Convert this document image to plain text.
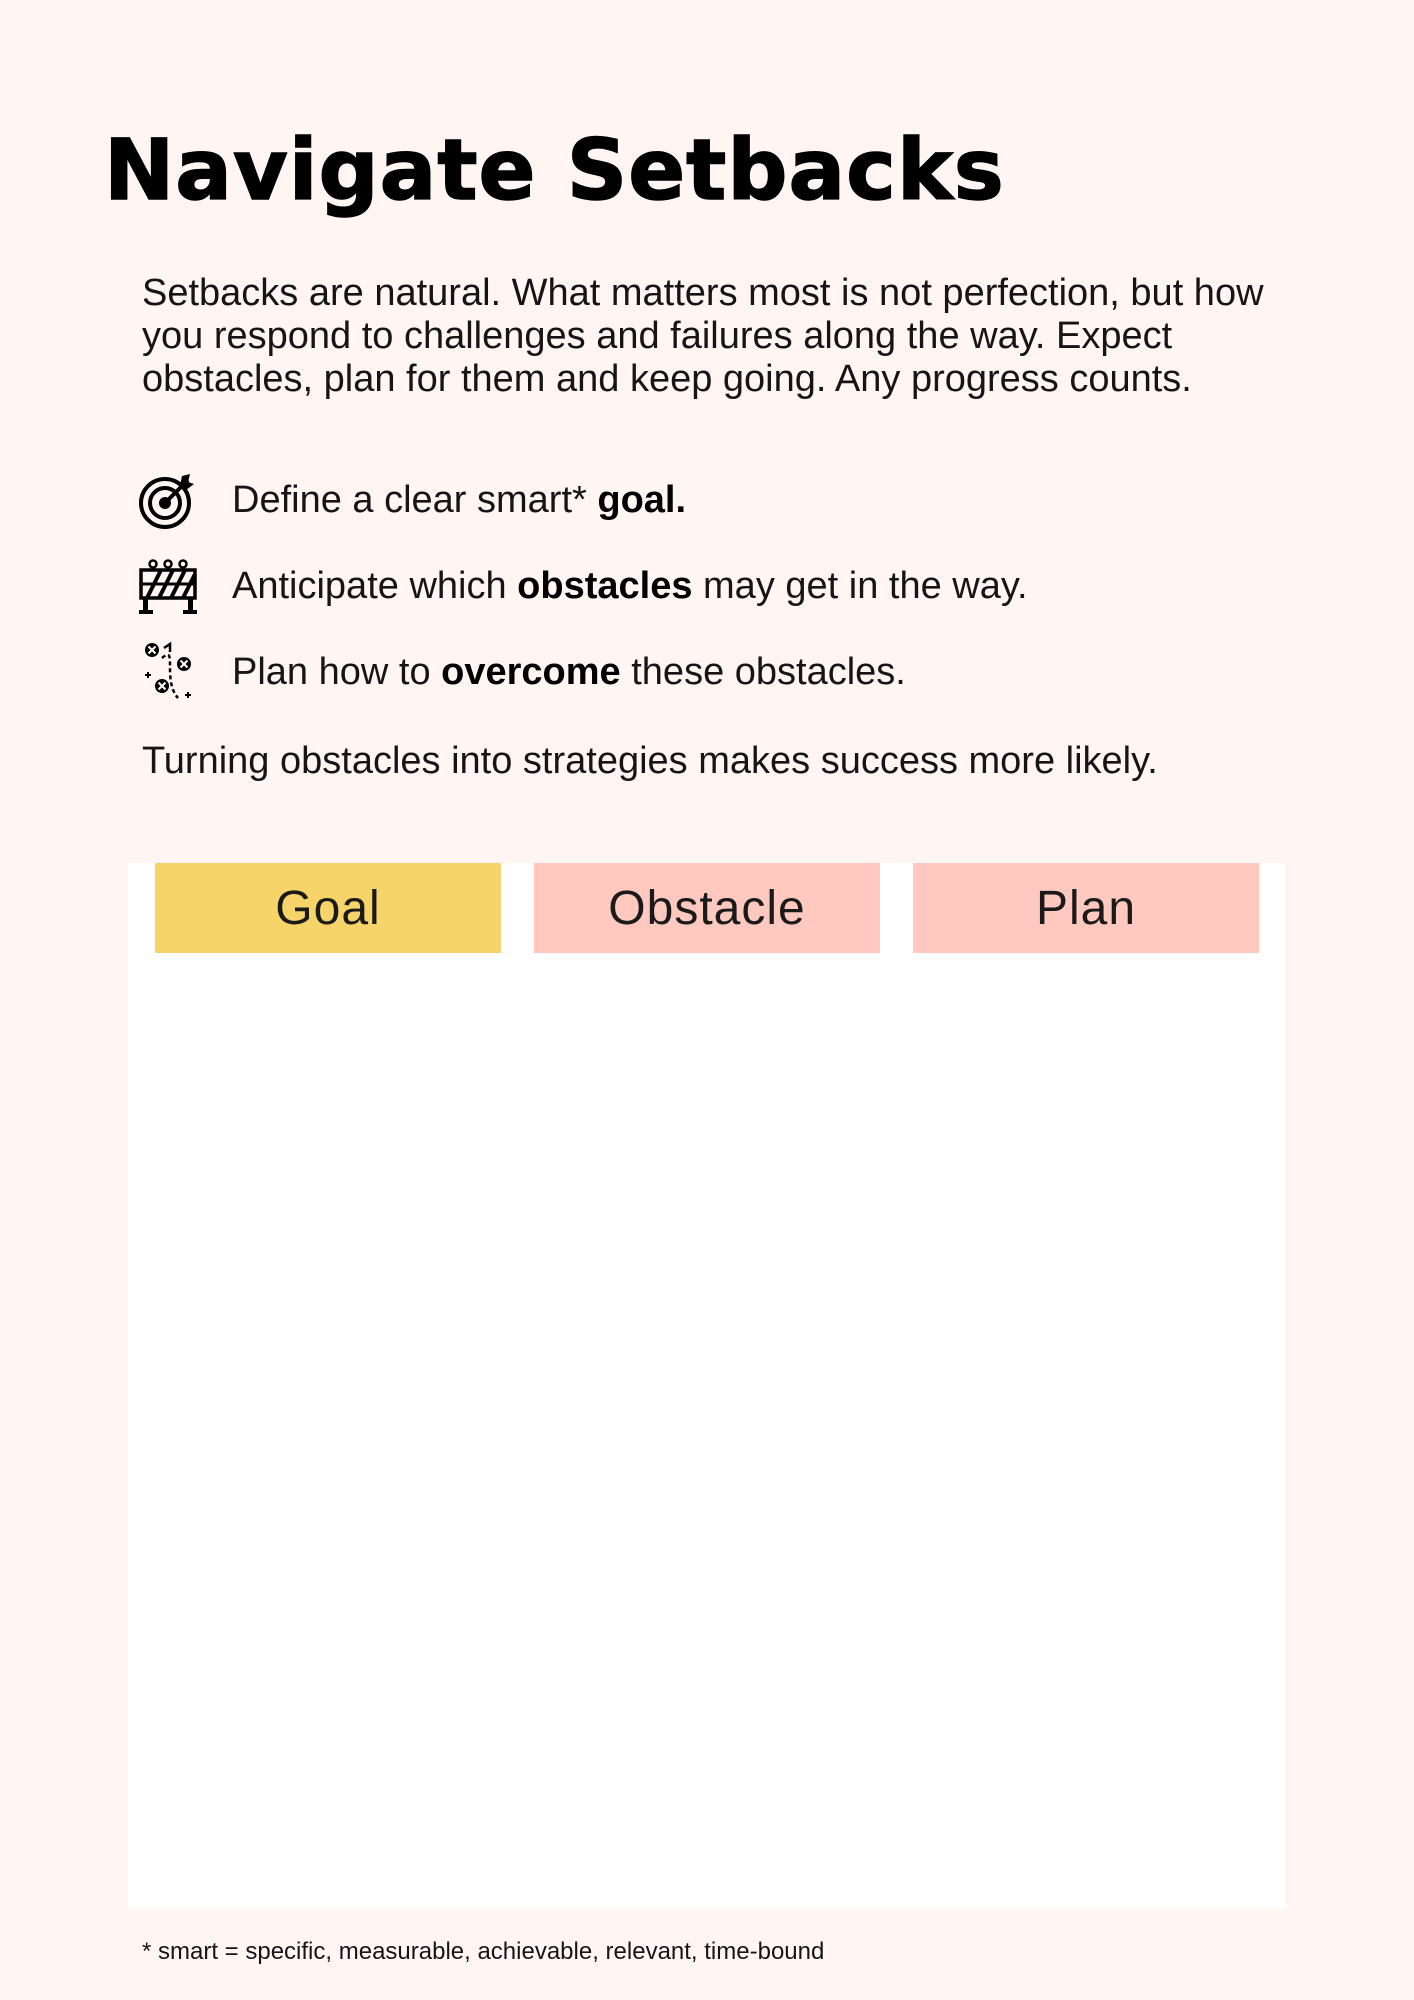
Navigate Setbacks

Setbacks are natural. What matters most is not perfection, but how you respond to challenges and failures along the way. Expect obstacles, plan for them and keep going. Any progress counts.

Define a clear smart* goal.
Anticipate which obstacles may get in the way.
Plan how to overcome these obstacles.

Turning obstacles into strategies makes success more likely.

Goal	Obstacle	Plan

* smart = specific, measurable, achievable, relevant, time-bound
